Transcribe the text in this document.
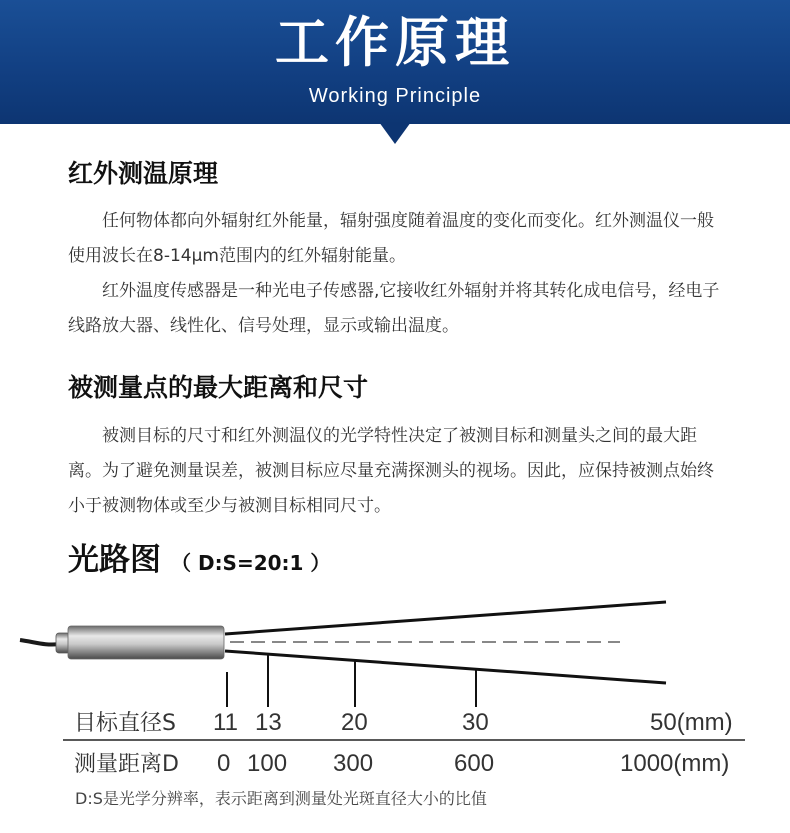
工作原理
Working Principle
红外测温原理

任何物体都向外辐射红外能量，辐射强度随着温度的变化而变化。红外测温仪一般使用波长在8-14μm范围内的红外辐射能量。

红外温度传感器是一种光电子传感器,它接收红外辐射并将其转化成电信号，经电子线路放大器、线性化、信号处理，显示或输出温度。

被测量点的最大距离和尺寸

被测目标的尺寸和红外测温仪的光学特性决定了被测目标和测量头之间的最大距离。为了避免测量误差，被测目标应尽量充满探测头的视场。因此，应保持被测点始终小于被测物体或至少与被测目标相同尺寸。

光路图 （ D:S=20:1 ）
目标直径S 11 13 20	30	50(mm)
测量距离D 0 100 300	600	1000(mm)
D:S是光学分辨率，表示距离到测量处光斑直径大小的比值
